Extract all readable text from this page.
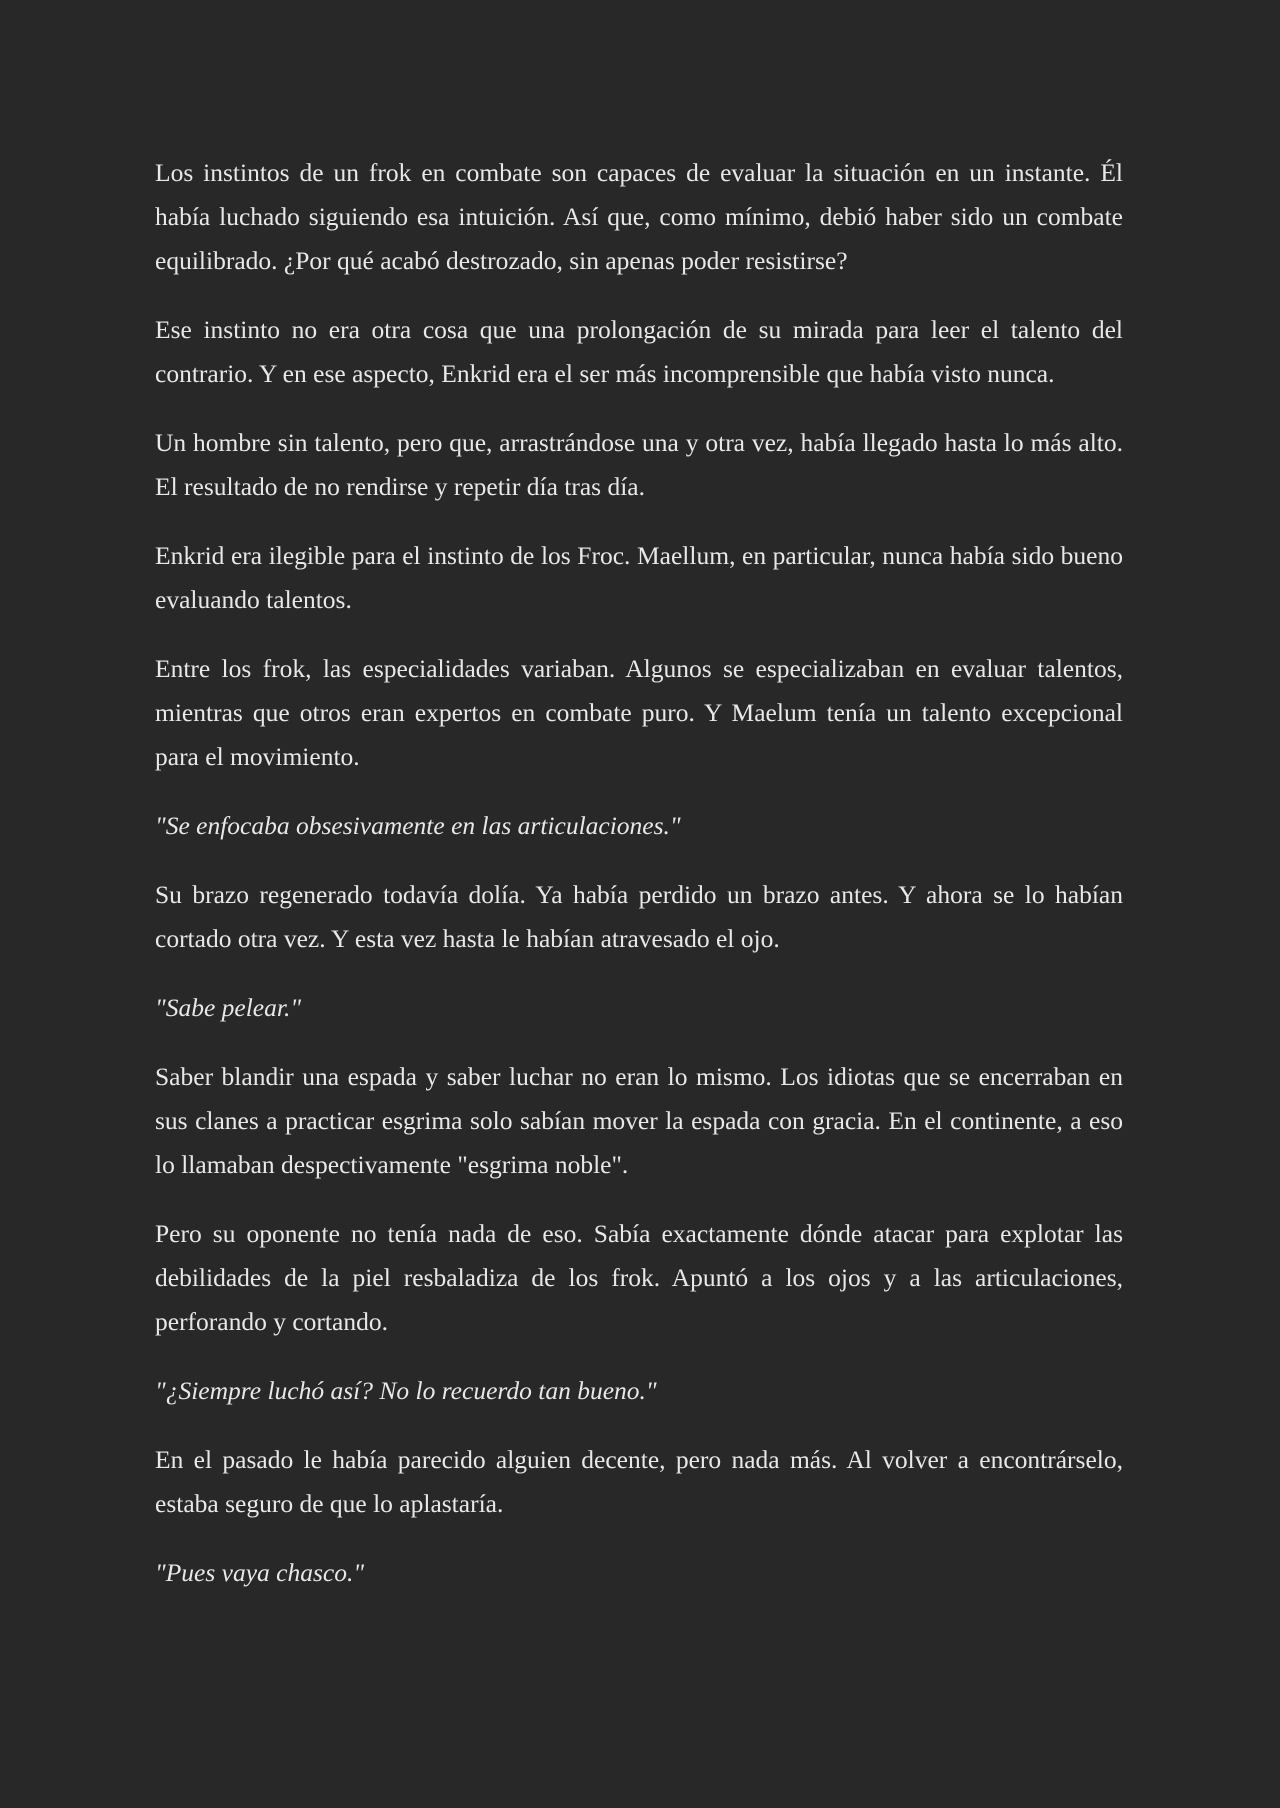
Los instintos de un frok en combate son capaces de evaluar la situación en un instante. Él había luchado siguiendo esa intuición. Así que, como mínimo, debió haber sido un combate equilibrado. ¿Por qué acabó destrozado, sin apenas poder resistirse?

Ese instinto no era otra cosa que una prolongación de su mirada para leer el talento del contrario. Y en ese aspecto, Enkrid era el ser más incomprensible que había visto nunca.

Un hombre sin talento, pero que, arrastrándose una y otra vez, había llegado hasta lo más alto. El resultado de no rendirse y repetir día tras día.

Enkrid era ilegible para el instinto de los Froc. Maellum, en particular, nunca había sido bueno evaluando talentos.

Entre los frok, las especialidades variaban. Algunos se especializaban en evaluar talentos, mientras que otros eran expertos en combate puro. Y Maelum tenía un talento excepcional para el movimiento.

"Se enfocaba obsesivamente en las articulaciones."

Su brazo regenerado todavía dolía. Ya había perdido un brazo antes. Y ahora se lo habían cortado otra vez. Y esta vez hasta le habían atravesado el ojo.

"Sabe pelear."

Saber blandir una espada y saber luchar no eran lo mismo. Los idiotas que se encerraban en sus clanes a practicar esgrima solo sabían mover la espada con gracia. En el continente, a eso lo llamaban despectivamente "esgrima noble".

Pero su oponente no tenía nada de eso. Sabía exactamente dónde atacar para explotar las debilidades de la piel resbaladiza de los frok. Apuntó a los ojos y a las articulaciones, perforando y cortando.

"¿Siempre luchó así? No lo recuerdo tan bueno."

En el pasado le había parecido alguien decente, pero nada más. Al volver a encontrárselo, estaba seguro de que lo aplastaría.

"Pues vaya chasco."
